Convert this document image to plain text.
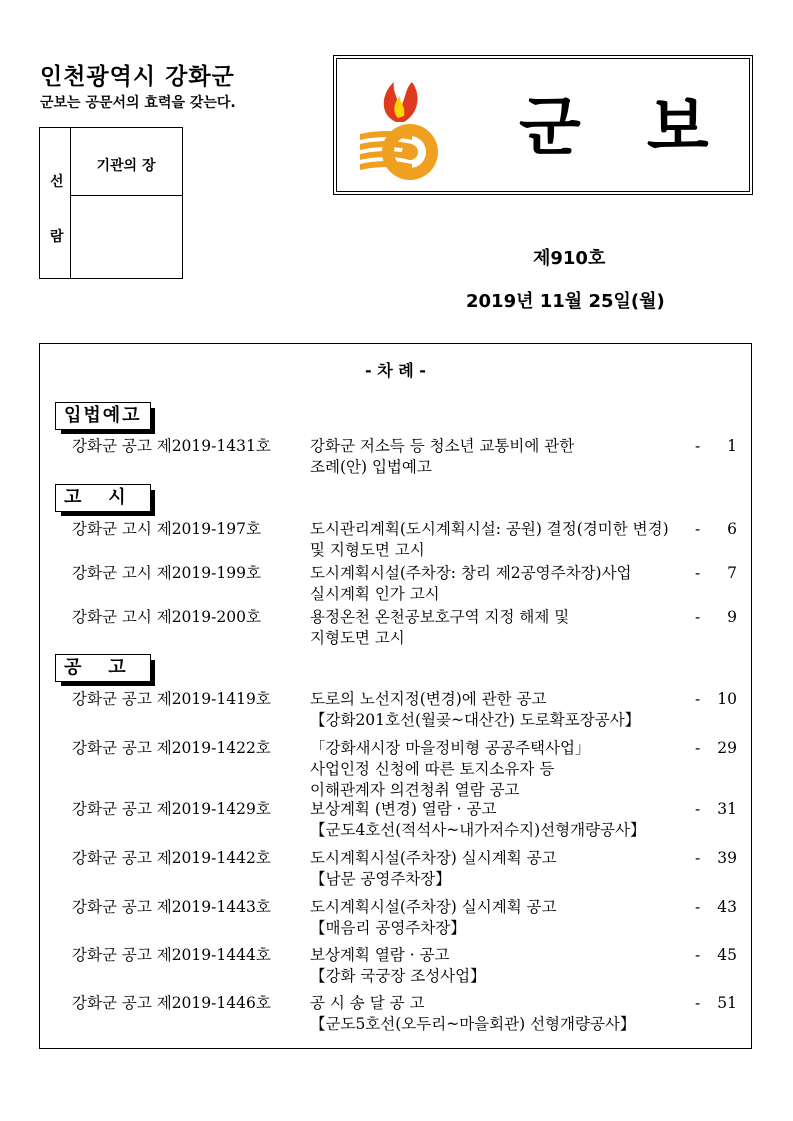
인천광역시 강화군
군보는 공문서의 효력을 갖는다.
선
람
기관의 장
군 보
제910호
2019년 11월 25일(월)
- 차 례 -
입법예고
강화군 공고 제2019-1431호	강화군 저소득 등 청소년 교통비에 관한
조례(안) 입법예고
- 1
고   시
강화군 고시 제2019-197호	도시관리계획(도시계획시설: 공원) 결정(경미한 변경)
및 지형도면 고시
- 6
강화군 고시 제2019-199호	도시계획시설(주차장: 창리 제2공영주차장)사업
실시계획 인가 고시
- 7
강화군 고시 제2019-200호	용정온천 온천공보호구역 지정 해제 및
지형도면 고시
- 9
공   고
강화군 공고 제2019-1419호	도로의 노선지정(변경)에 관한 공고
【강화201호선(월곶~대산간) 도로확포장공사】
- 10
강화군 공고 제2019-1422호	「강화새시장 마을정비형 공공주택사업」
사업인정 신청에 따른 토지소유자 등
이해관계자 의견청취 열람 공고
- 29
강화군 공고 제2019-1429호	보상계획 (변경) 열람 · 공고
【군도4호선(적석사~내가저수지)선형개량공사】
- 31
강화군 공고 제2019-1442호	도시계획시설(주차장) 실시계획 공고
【남문 공영주차장】
- 39
강화군 공고 제2019-1443호	도시계획시설(주차장) 실시계획 공고
【매음리 공영주차장】
- 43
강화군 공고 제2019-1444호	보상계획 열람 · 공고
【강화 국궁장 조성사업】
- 45
강화군 공고 제2019-1446호	공 시 송 달 공 고
【군도5호선(오두리~마을회관) 선형개량공사】
- 51
